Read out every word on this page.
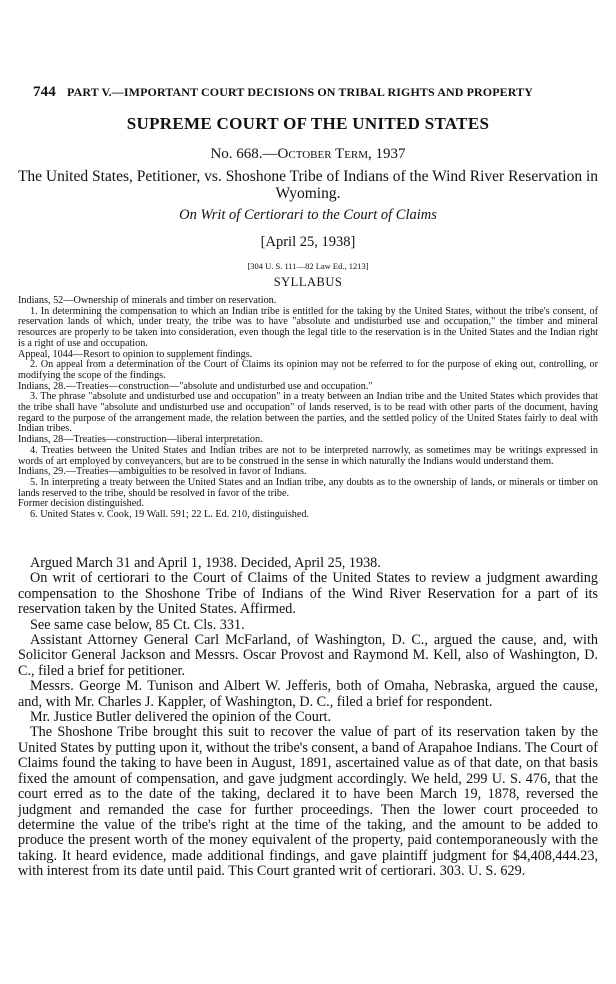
744 PART V.—IMPORTANT COURT DECISIONS ON TRIBAL RIGHTS AND PROPERTY
SUPREME COURT OF THE UNITED STATES
No. 668.—October Term, 1937
The United States, Petitioner, vs. Shoshone Tribe of Indians of the Wind River Reservation in Wyoming.
On Writ of Certiorari to the Court of Claims
[April 25, 1938]
[304 U. S. 111—82 Law Ed., 1213]
SYLLABUS

Indians, 52—Ownership of minerals and timber on reservation.

1. In determining the compensation to which an Indian tribe is entitled for the taking by the United States, without the tribe's consent, of reservation lands of which, under treaty, the tribe was to have "absolute and undisturbed use and occupation," the timber and mineral resources are properly to be taken into consideration, even though the legal title to the reservation is in the United States and the Indian right is a right of use and occupation.

Appeal, 1044—Resort to opinion to supplement findings.

2. On appeal from a determination of the Court of Claims its opinion may not be referred to for the purpose of eking out, controlling, or modifying the scope of the findings.

Indians, 28.—Treaties—construction—"absolute and undisturbed use and occupation."

3. The phrase "absolute and undisturbed use and occupation" in a treaty between an Indian tribe and the United States which provides that the tribe shall have "absolute and undisturbed use and occupation" of lands reserved, is to be read with other parts of the document, having regard to the purpose of the arrangement made, the relation between the parties, and the settled policy of the United States fairly to deal with Indian tribes.

Indians, 28—Treaties—construction—liberal interpretation.

4. Treaties between the United States and Indian tribes are not to be interpreted narrowly, as sometimes may be writings expressed in words of art employed by conveyancers, but are to be construed in the sense in which naturally the Indians would understand them.

Indians, 29.—Treaties—ambiguities to be resolved in favor of Indians.

5. In interpreting a treaty between the United States and an Indian tribe, any doubts as to the ownership of lands, or minerals or timber on lands reserved to the tribe, should be resolved in favor of the tribe.

Former decision distinguished.

6. United States v. Cook, 19 Wall. 591; 22 L. Ed. 210, distinguished.

Argued March 31 and April 1, 1938. Decided, April 25, 1938.

On writ of certiorari to the Court of Claims of the United States to review a judgment awarding compensation to the Shoshone Tribe of Indians of the Wind River Reservation for a part of its reservation taken by the United States. Affirmed.

See same case below, 85 Ct. Cls. 331.

Assistant Attorney General Carl McFarland, of Washington, D. C., argued the cause, and, with Solicitor General Jackson and Messrs. Oscar Provost and Raymond M. Kell, also of Washington, D. C., filed a brief for petitioner.

Messrs. George M. Tunison and Albert W. Jefferis, both of Omaha, Nebraska, argued the cause, and, with Mr. Charles J. Kappler, of Washington, D. C., filed a brief for respondent.

Mr. Justice Butler delivered the opinion of the Court.

The Shoshone Tribe brought this suit to recover the value of part of its reservation taken by the United States by putting upon it, without the tribe's consent, a band of Arapahoe Indians. The Court of Claims found the taking to have been in August, 1891, ascertained value as of that date, on that basis fixed the amount of compensation, and gave judgment accordingly. We held, 299 U. S. 476, that the court erred as to the date of the taking, declared it to have been March 19, 1878, reversed the judgment and remanded the case for further proceedings. Then the lower court proceeded to determine the value of the tribe's right at the time of the taking, and the amount to be added to produce the present worth of the money equivalent of the property, paid contemporaneously with the taking. It heard evidence, made additional findings, and gave plaintiff judgment for $4,408,444.23, with interest from its date until paid. This Court granted writ of certiorari. 303. U. S. 629.
